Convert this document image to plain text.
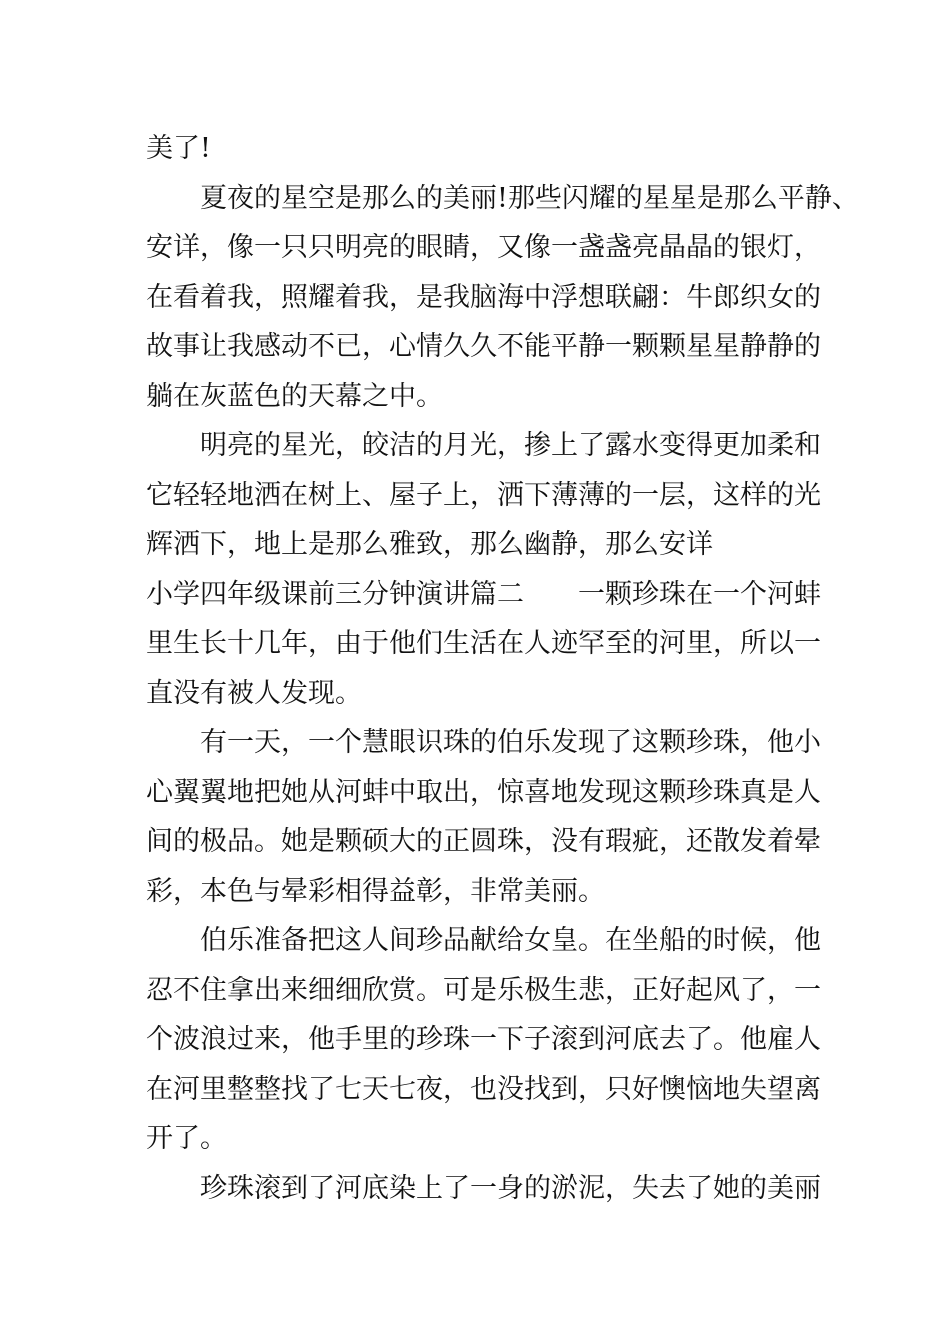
美了!
夏夜的星空是那么的美丽!那些闪耀的星星是那么平静、
安详，像一只只明亮的眼睛，又像一盏盏亮晶晶的银灯，
在看着我，照耀着我，是我脑海中浮想联翩：牛郎织女的
故事让我感动不已，心情久久不能平静一颗颗星星静静的
躺在灰蓝色的天幕之中。
明亮的星光，皎洁的月光，掺上了露水变得更加柔和
它轻轻地洒在树上、屋子上，洒下薄薄的一层，这样的光
辉洒下，地上是那么雅致，那么幽静，那么安详
小学四年级课前三分钟演讲篇二　　一颗珍珠在一个河蚌
里生长十几年，由于他们生活在人迹罕至的河里，所以一
直没有被人发现。
有一天，一个慧眼识珠的伯乐发现了这颗珍珠，他小
心翼翼地把她从河蚌中取出，惊喜地发现这颗珍珠真是人
间的极品。她是颗硕大的正圆珠，没有瑕疵，还散发着晕
彩，本色与晕彩相得益彰，非常美丽。
伯乐准备把这人间珍品献给女皇。在坐船的时候，他
忍不住拿出来细细欣赏。可是乐极生悲，正好起风了，一
个波浪过来，他手里的珍珠一下子滚到河底去了。他雇人
在河里整整找了七天七夜，也没找到，只好懊恼地失望离
开了。
珍珠滚到了河底染上了一身的淤泥，失去了她的美丽
